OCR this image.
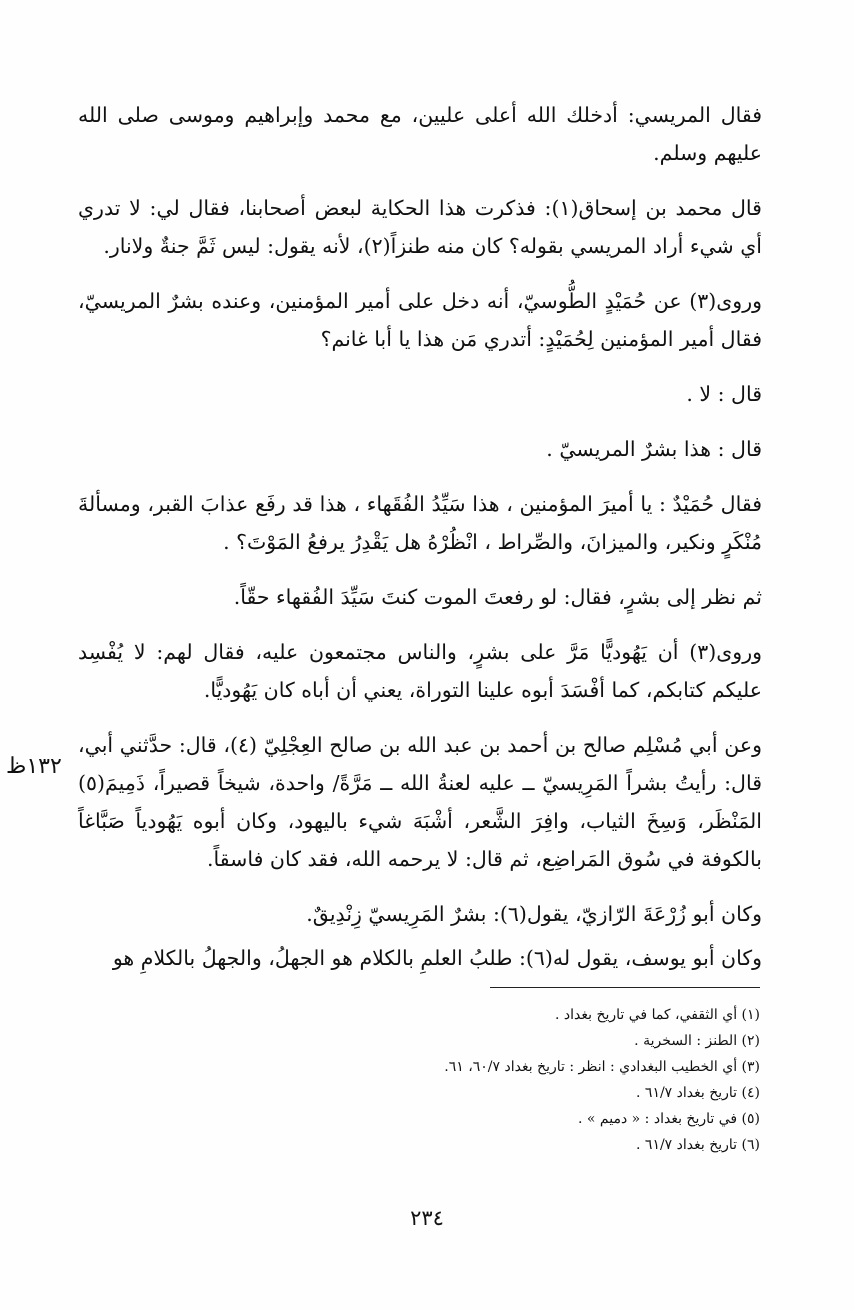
١٣٢ظ

فقال المريسي: أدخلك الله أعلى عليين، مع محمد وإبراهيم وموسى صلى الله عليهم وسلم.

قال محمد بن إسحاق(١): فذكرت هذا الحكاية لبعض أصحابنا، فقال لي: لا تدري أي شيء أراد المريسي بقوله؟ كان منه طنزاً(٢)، لأنه يقول: ليس ثَمَّ جنةٌ ولانار.

وروى(٣) عن حُمَيْدٍ الطُّوسيّ، أنه دخل على أمير المؤمنين، وعنده بشرٌ المريسيّ، فقال أمير المؤمنين لِحُمَيْدٍ: أتدري مَن هذا يا أبا غانم؟

قال : لا .

قال : هذا بشرٌ المريسيّ .

فقال حُمَيْدٌ : يا أميرَ المؤمنين ، هذا سَيِّدُ الفُقَهاء ، هذا قد رفَع عذابَ القبر، ومسألةَ مُنْكَرٍ ونكير، والميزانَ، والصِّراط ، انْظُرْهُ هل يَقْدِرُ يرفعُ المَوْتَ؟ .

ثم نظر إلى بشرٍ، فقال: لو رفعتَ الموت كنتَ سَيِّدَ الفُقهاء حقّاً.

وروى(٣) أن يَهُوديًّا مَرَّ على بشرٍ، والناس مجتمعون عليه، فقال لهم: لا يُفْسِد عليكم كتابكم، كما أفْسَدَ أبوه علينا التوراة، يعني أن أباه كان يَهُوديًّا.

وعن أبي مُسْلِم صالح بن أحمد بن عبد الله بن صالح العِجْلِيّ (٤)، قال: حدَّثني أبي، قال: رأيتُ بشراً المَرِيسيّ ــ عليه لعنةُ الله ــ مَرَّةً/ واحدة، شيخاً قصيراً، ذَمِيمَ(٥) المَنْظَر، وَسِخَ الثياب، وافِرَ الشَّعر، أشْبَهَ شيء باليهود، وكان أبوه يَهُودياً صَبَّاغاً بالكوفة في سُوق المَراضِع، ثم قال: لا يرحمه الله، فقد كان فاسقاً.

وكان أبو زُرْعَةَ الرّازيّ، يقول(٦): بشرٌ المَرِيسيّ زِنْدِيقٌ.

وكان أبو يوسف، يقول له(٦): طلبُ العلمِ بالكلام هو الجهلُ، والجهلُ بالكلامِ هو

(١) أي الثقفي، كما في تاريخ بغداد .
(٢) الطنز : السخرية .
(٣) أي الخطيب البغدادي : انظر : تاريخ بغداد ٦٠/٧، ٦١.
(٤) تاريخ بغداد ٦١/٧ .
(٥) في تاريخ بغداد : « دميم » .
(٦) تاريخ بغداد ٦١/٧ .
٢٣٤
